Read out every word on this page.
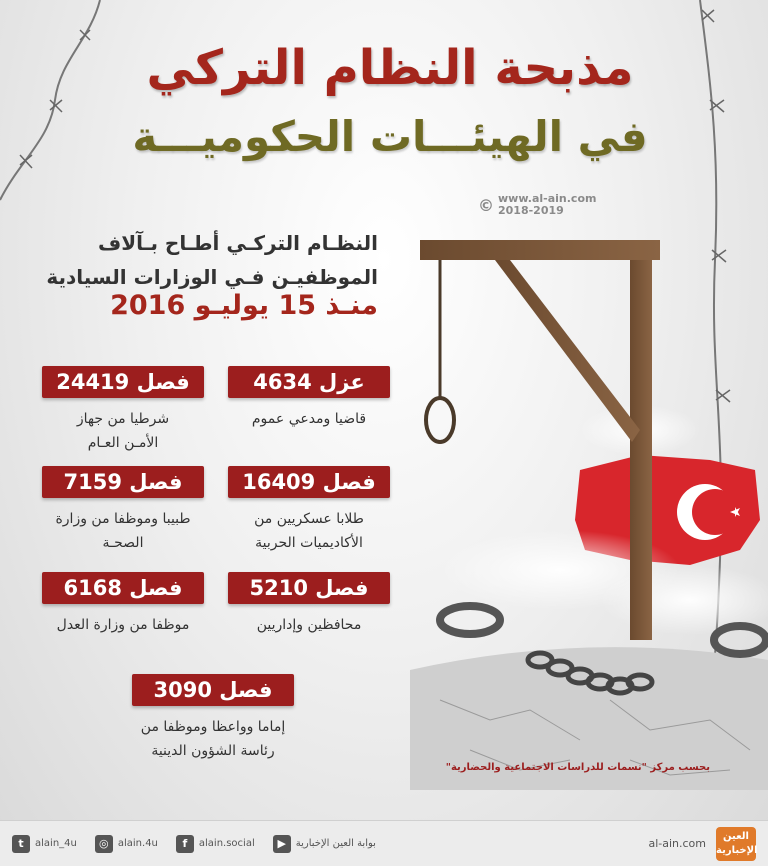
مذبحة النظام التركي
في الهيئـــات الحكوميـــة
© www.al-ain.com
2018-2019
النظـام التركـي أطـاح بـآلاف
الموظفيـن فـي الوزارات السيادية
منـذ 15 يوليـو 2016
عزل 4634
قاضيا ومدعي عموم
فصل 24419
شرطيا من جهاز الأمـن العـام
فصل 16409
طلابا عسكريين من الأكاديميات الحربية
فصل 7159
طبيبا وموظفا من وزارة الصحـة
فصل 5210
محافظين وإداريين
فصل 6168
موظفا من وزارة العدل
فصل 3090
إماما وواعظا وموظفا من رئاسة الشؤون الدينية
بحسب مركز "نسمات للدراسات الاجتماعية والحضارية"
t	alain_4u	◎ alain.4u	f	alain.social	▶ بوابة العين الإخبارية	al-ain.com
العين الإخبارية
